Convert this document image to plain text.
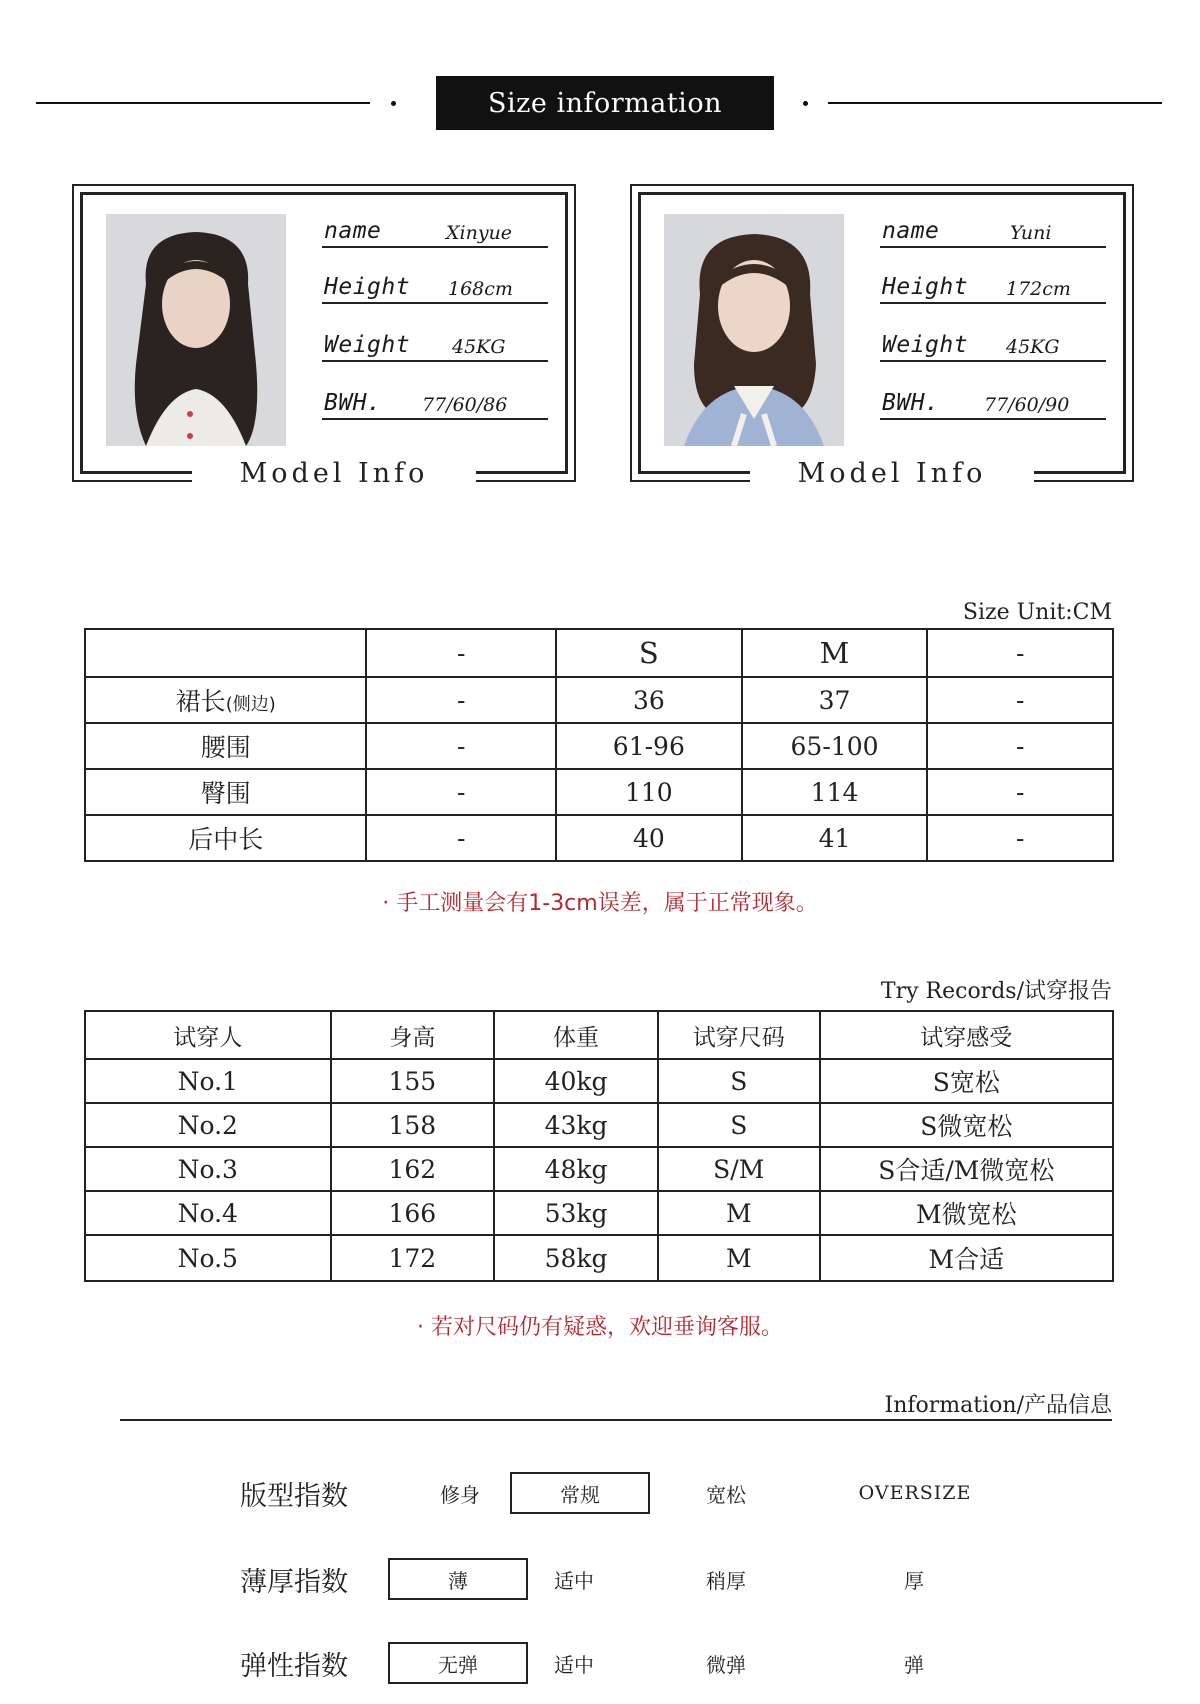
Size information
name	Xinyue
Height 168cm
Weight 45KG
BWH. 77/60/86
Model Info
name	Yuni
Height 172cm
Weight 45KG
BWH. 77/60/90
Model Info
Size Unit:CM
	-	S	M	-
裙长(侧边)	-	36	37	-
腰围	-	61-96	65-100	-
臀围	-	110	114	-
后中长	-	40	41	-
· 手工测量会有1-3cm误差，属于正常现象。
Try Records/试穿报告
试穿人	身高	体重	试穿尺码	试穿感受
No.1	155	40kg	S	S宽松
No.2	158	43kg	S	S微宽松
No.3	162	48kg	S/M	S合适/M微宽松
No.4	166	53kg	M	M微宽松
No.5	172	58kg	M	M合适
· 若对尺码仍有疑惑，欢迎垂询客服。
Information/产品信息
版型指数	修身	常规	宽松	OVERSIZE
薄厚指数	薄	适中	稍厚	厚
弹性指数	无弹	适中	微弹	弹
